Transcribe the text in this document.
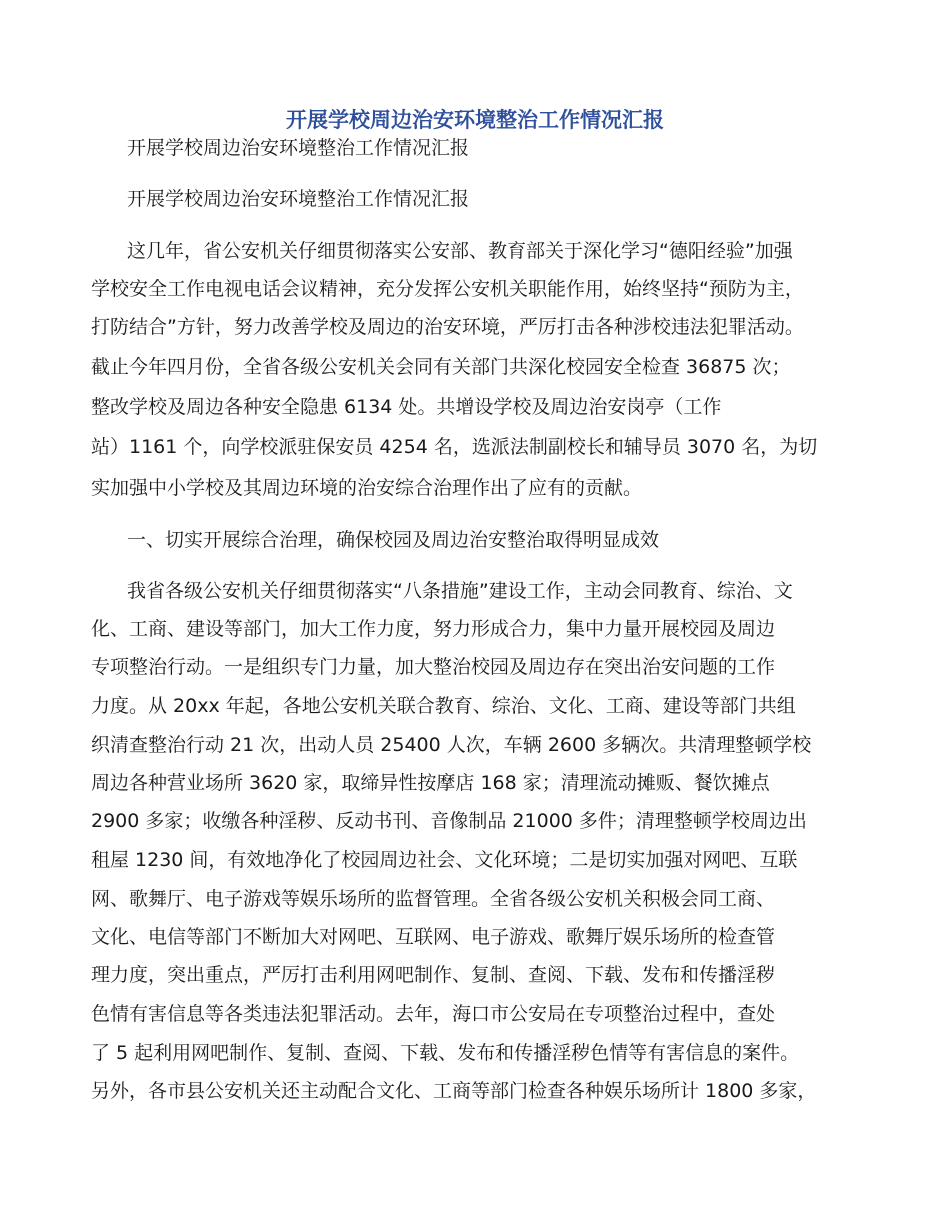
开展学校周边治安环境整治工作情况汇报
开展学校周边治安环境整治工作情况汇报
开展学校周边治安环境整治工作情况汇报
这几年，省公安机关仔细贯彻落实公安部、教育部关于深化学习“德阳经验”加强
学校安全工作电视电话会议精神，充分发挥公安机关职能作用，始终坚持“预防为主，
打防结合”方针，努力改善学校及周边的治安环境，严厉打击各种涉校违法犯罪活动。
截止今年四月份，全省各级公安机关会同有关部门共深化校园安全检查 36875 次；
整改学校及周边各种安全隐患 6134 处。共增设学校及周边治安岗亭（工作
站）1161 个，向学校派驻保安员 4254 名，选派法制副校长和辅导员 3070 名，为切
实加强中小学校及其周边环境的治安综合治理作出了应有的贡献。
一、切实开展综合治理，确保校园及周边治安整治取得明显成效
我省各级公安机关仔细贯彻落实“八条措施”建设工作，主动会同教育、综治、文
化、工商、建设等部门，加大工作力度，努力形成合力，集中力量开展校园及周边
专项整治行动。一是组织专门力量，加大整治校园及周边存在突出治安问题的工作
力度。从 20xx 年起，各地公安机关联合教育、综治、文化、工商、建设等部门共组
织清查整治行动 21 次，出动人员 25400 人次，车辆 2600 多辆次。共清理整顿学校
周边各种营业场所 3620 家，取缔异性按摩店 168 家；清理流动摊贩、餐饮摊点
2900 多家；收缴各种淫秽、反动书刊、音像制品 21000 多件；清理整顿学校周边出
租屋 1230 间，有效地净化了校园周边社会、文化环境；二是切实加强对网吧、互联
网、歌舞厅、电子游戏等娱乐场所的监督管理。全省各级公安机关积极会同工商、
文化、电信等部门不断加大对网吧、互联网、电子游戏、歌舞厅娱乐场所的检查管
理力度，突出重点，严厉打击利用网吧制作、复制、查阅、下载、发布和传播淫秽
色情有害信息等各类违法犯罪活动。去年，海口市公安局在专项整治过程中，查处
了 5 起利用网吧制作、复制、查阅、下载、发布和传播淫秽色情等有害信息的案件。
另外，各市县公安机关还主动配合文化、工商等部门检查各种娱乐场所计 1800 多家，
